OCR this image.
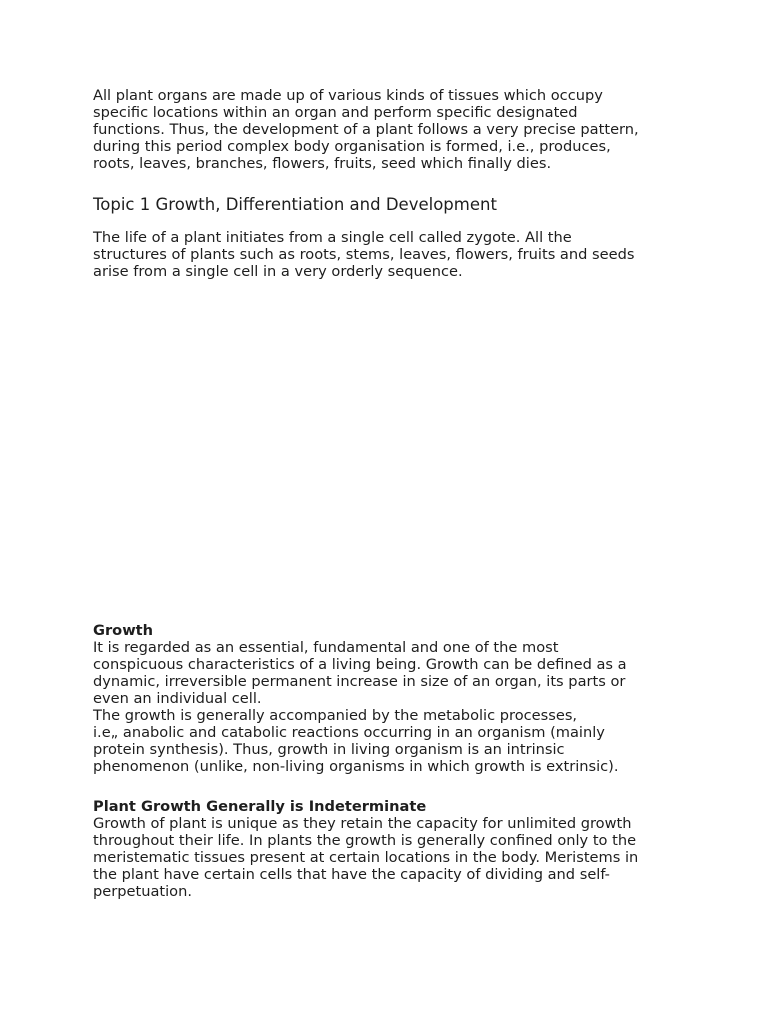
All plant organs are made up of various kinds of tissues which occupy
specific locations within an organ and perform specific designated
functions. Thus, the development of a plant follows a very precise pattern,
during this period complex body organisation is formed, i.e., produces,
roots, leaves, branches, flowers, fruits, seed which finally dies.

Topic 1 Growth, Differentiation and Development

The life of a plant initiates from a single cell called zygote. All the
structures of plants such as roots, stems, leaves, flowers, fruits and seeds
arise from a single cell in a very orderly sequence.

Growth
It is regarded as an essential, fundamental and one of the most
conspicuous characteristics of a living being. Growth can be defined as a
dynamic, irreversible permanent increase in size of an organ, its parts or
even an individual cell.
The growth is generally accompanied by the metabolic processes,
i.e„ anabolic and catabolic reactions occurring in an organism (mainly
protein synthesis). Thus, growth in living organism is an intrinsic
phenomenon (unlike, non-living organisms in which growth is extrinsic).
Plant Growth Generally is Indeterminate
Growth of plant is unique as they retain the capacity for unlimited growth
throughout their life. In plants the growth is generally confined only to the
meristematic tissues present at certain locations in the body. Meristems in
the plant have certain cells that have the capacity of dividing and self-
perpetuation.
